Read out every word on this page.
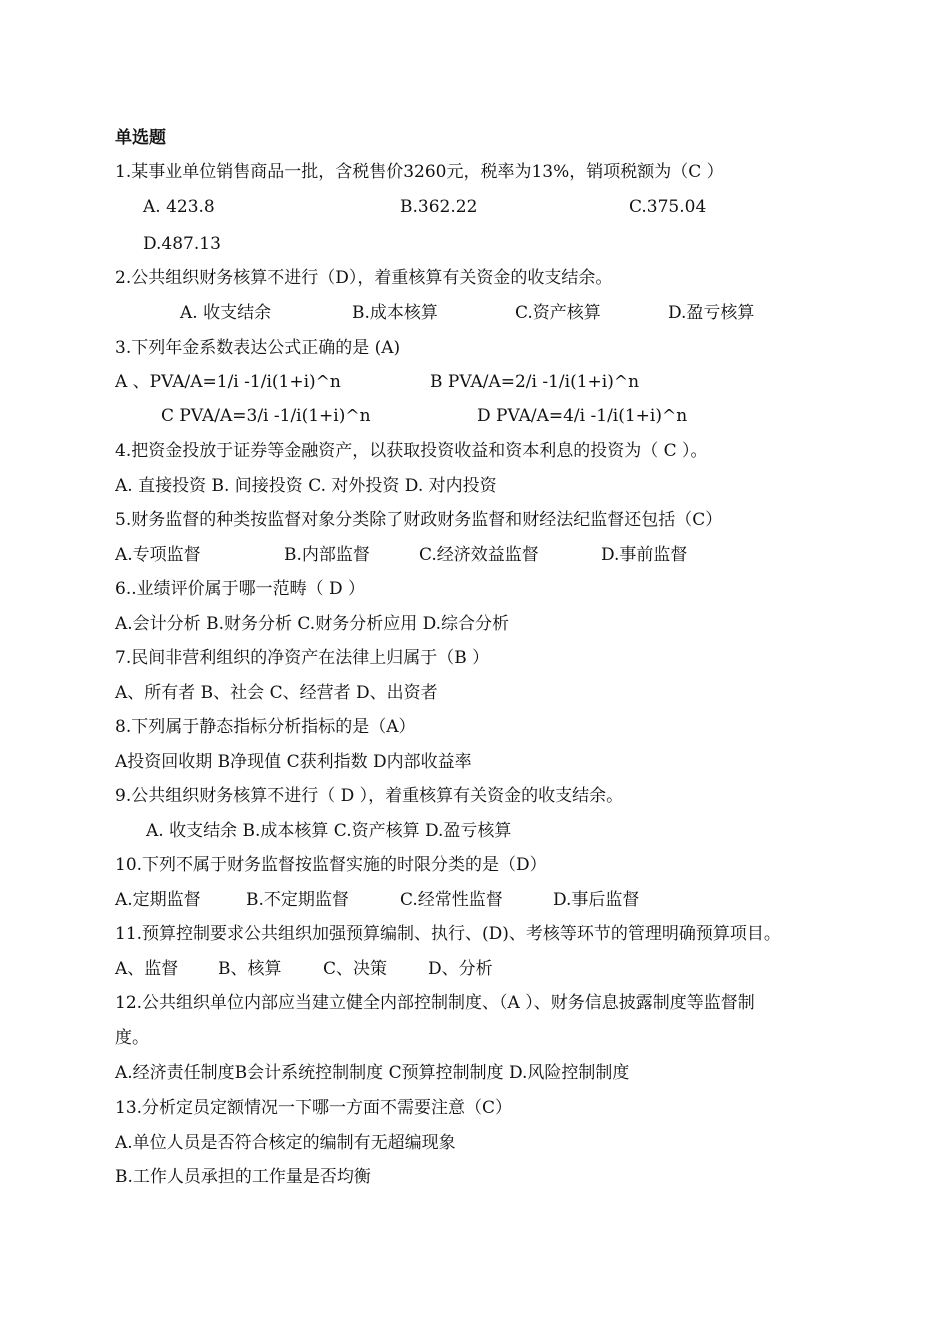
单选题
1.某事业单位销售商品一批，含税售价3260元，税率为13%，销项税额为（C ）
A. 423.8	B.362.22	C.375.04
D.487.13
2.公共组织财务核算不进行（D），着重核算有关资金的收支结余。
A. 收支结余	B.成本核算	C.资产核算	D.盈亏核算
3.下列年金系数表达公式正确的是 (A)
A 、PVA/A=1/i -1/i(1+i)^n	B PVA/A=2/i -1/i(1+i)^n
C PVA/A=3/i -1/i(1+i)^n	D PVA/A=4/i -1/i(1+i)^n
4.把资金投放于证券等金融资产，以获取投资收益和资本利息的投资为（ C ）。
A. 直接投资 B. 间接投资 C. 对外投资 D. 对内投资
5.财务监督的种类按监督对象分类除了财政财务监督和财经法纪监督还包括（C）
A.专项监督	B.内部监督	C.经济效益监督	D.事前监督
6..业绩评价属于哪一范畴（ D ）
A.会计分析 B.财务分析 C.财务分析应用 D.综合分析
7.民间非营利组织的净资产在法律上归属于（B ）
A、所有者 B、社会 C、经营者 D、出资者
8.下列属于静态指标分析指标的是（A）
A投资回收期 B净现值 C获利指数 D内部收益率
9.公共组织财务核算不进行（ D ），着重核算有关资金的收支结余。
A. 收支结余 B.成本核算 C.资产核算 D.盈亏核算
10.下列不属于财务监督按监督实施的时限分类的是（D）
A.定期监督	B.不定期监督	C.经常性监督	D.事后监督
11.预算控制要求公共组织加强预算编制、执行、(D)、考核等环节的管理明确预算项目。
A、监督 B、核算 C、决策 D、分析
12.公共组织单位内部应当建立健全内部控制制度、（A ）、财务信息披露制度等监督制
度。
A.经济责任制度B会计系统控制制度 C预算控制制度 D.风险控制制度
13.分析定员定额情况一下哪一方面不需要注意（C）
A.单位人员是否符合核定的编制有无超编现象
B.工作人员承担的工作量是否均衡
